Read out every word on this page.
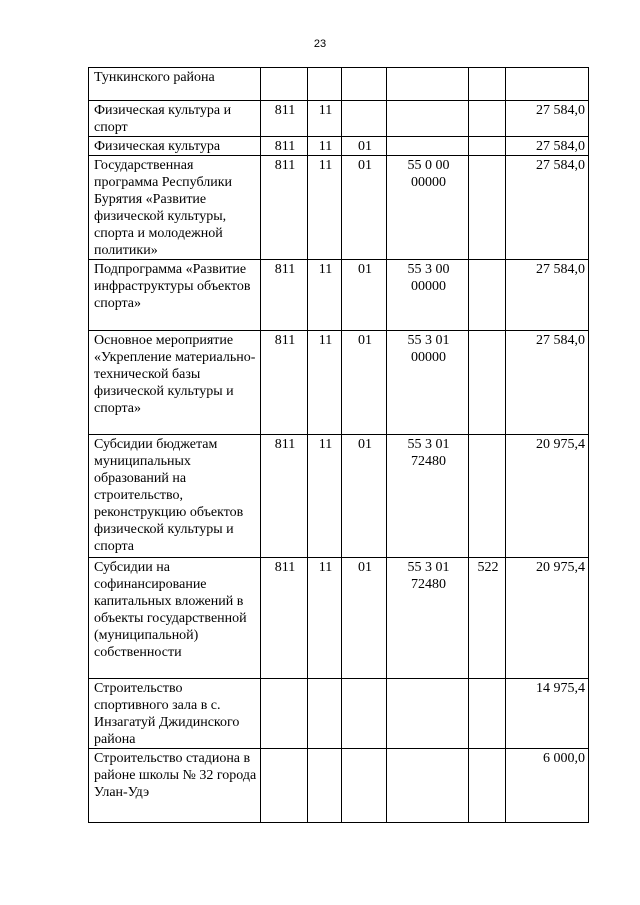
23
Тункинского района						
Физическая культура и спорт	811	11				27 584,0
Физическая культура	811	11	01			27 584,0
Государственная программа Республики Бурятия «Развитие физической культуры, спорта и молодежной политики»	811	11	01	55 0 00 00000		27 584,0
Подпрограмма «Развитие инфраструктуры объектов спорта»	811	11	01	55 3 00 00000		27 584,0
Основное мероприятие «Укрепление материально-технической базы физической культуры и спорта»	811	11	01	55 3 01 00000		27 584,0
Субсидии бюджетам муниципальных образований на строительство, реконструкцию объектов физической культуры и спорта	811	11	01	55 3 01 72480		20 975,4
Субсидии на софинансирование капитальных вложений в объекты государственной (муниципальной) собственности	811	11	01	55 3 01 72480	522	20 975,4
Строительство спортивного зала в с. Инзагатуй Джидинского района						14 975,4
Строительство стадиона в районе школы № 32 города Улан-Удэ						6 000,0
